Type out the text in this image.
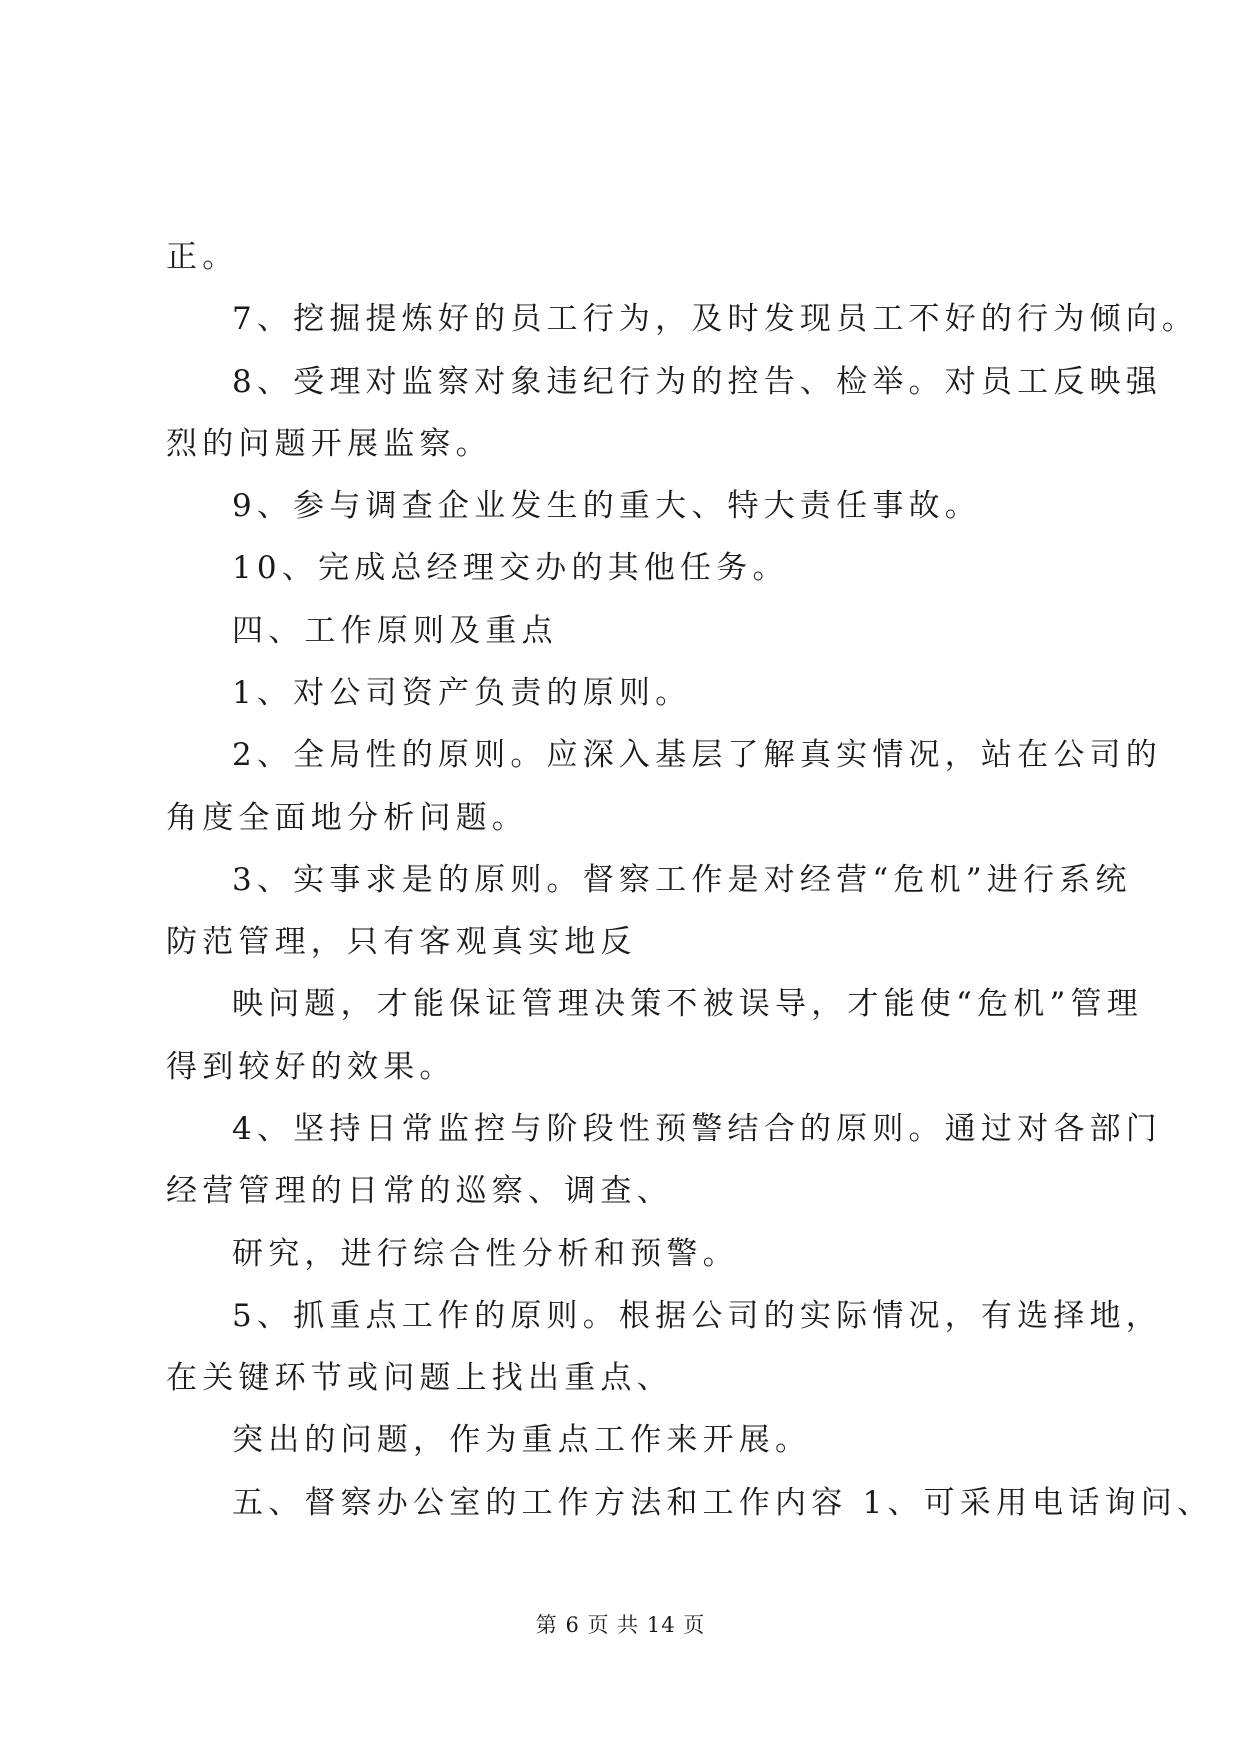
正。
7、挖掘提炼好的员工行为，及时发现员工不好的行为倾向。
8、受理对监察对象违纪行为的控告、检举。对员工反映强
烈的问题开展监察。
9、参与调查企业发生的重大、特大责任事故。
10、完成总经理交办的其他任务。
四、工作原则及重点
1、对公司资产负责的原则。
2、全局性的原则。应深入基层了解真实情况，站在公司的
角度全面地分析问题。
3、实事求是的原则。督察工作是对经营“危机”进行系统
防范管理，只有客观真实地反
映问题，才能保证管理决策不被误导，才能使“危机”管理
得到较好的效果。
4、坚持日常监控与阶段性预警结合的原则。通过对各部门
经营管理的日常的巡察、调查、
研究，进行综合性分析和预警。
5、抓重点工作的原则。根据公司的实际情况，有选择地，
在关键环节或问题上找出重点、
突出的问题，作为重点工作来开展。
五、督察办公室的工作方法和工作内容 1、可采用电话询问、
第 6 页 共 14 页
